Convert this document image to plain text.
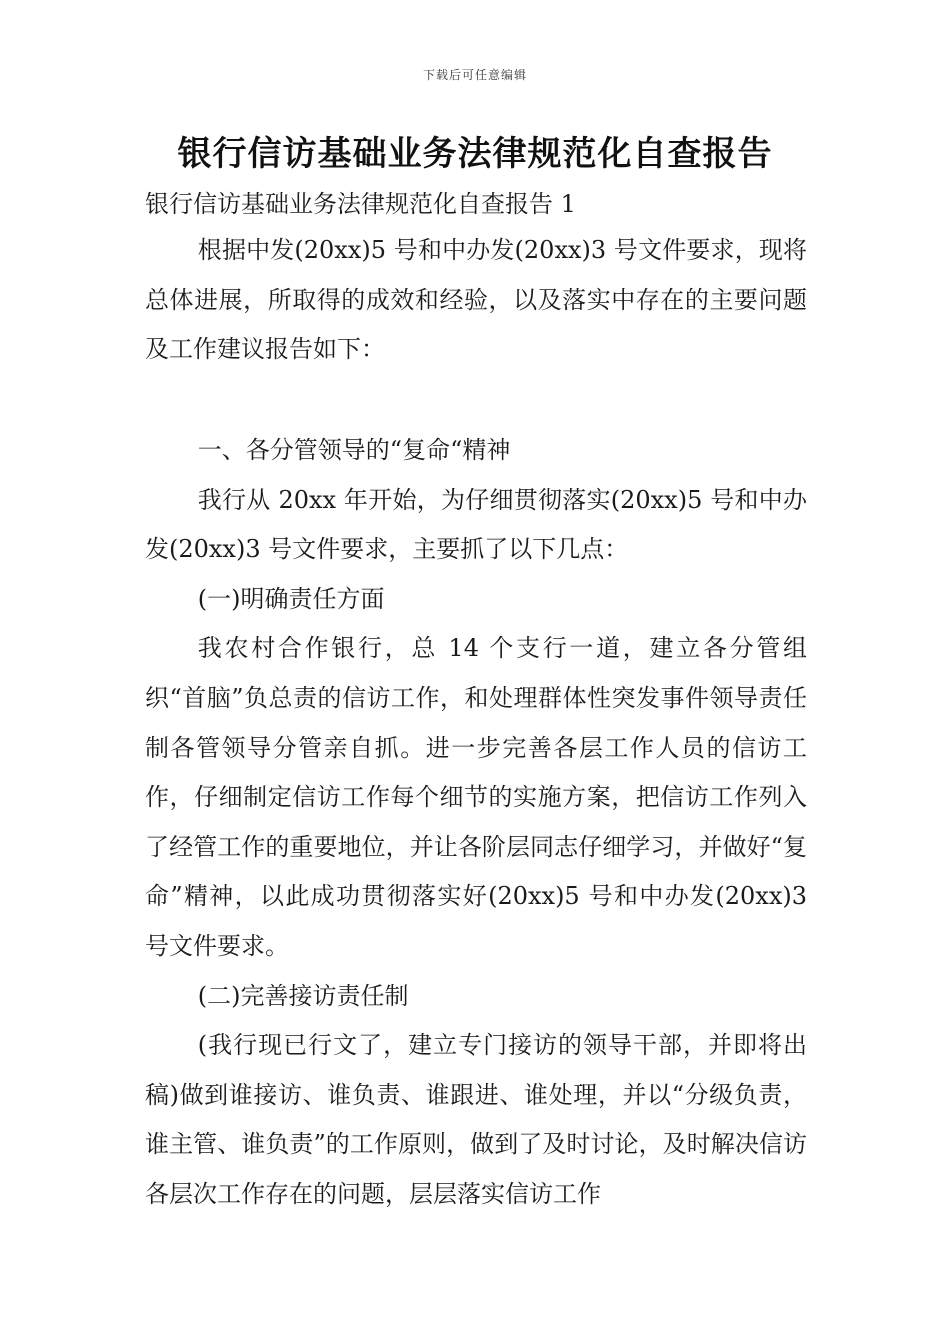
下载后可任意编辑
银行信访基础业务法律规范化自查报告
银行信访基础业务法律规范化自查报告 1

根据中发(20xx)5 号和中办发(20xx)3 号文件要求，现将总体进展，所取得的成效和经验，以及落实中存在的主要问题及工作建议报告如下：

一、各分管领导的“复命“精神

我行从 20xx 年开始，为仔细贯彻落实(20xx)5 号和中办发(20xx)3 号文件要求，主要抓了以下几点：

(一)明确责任方面

我农村合作银行，总 14 个支行一道，建立各分管组织“首脑”负总责的信访工作，和处理群体性突发事件领导责任制各管领导分管亲自抓。进一步完善各层工作人员的信访工作，仔细制定信访工作每个细节的实施方案，把信访工作列入了经管工作的重要地位，并让各阶层同志仔细学习，并做好“复命”精神，以此成功贯彻落实好(20xx)5 号和中办发(20xx)3 号文件要求。

(二)完善接访责任制

(我行现已行文了，建立专门接访的领导干部，并即将出稿)做到谁接访、谁负责、谁跟进、谁处理，并以“分级负责，谁主管、谁负责”的工作原则，做到了及时讨论，及时解决信访各层次工作存在的问题，层层落实信访工作
